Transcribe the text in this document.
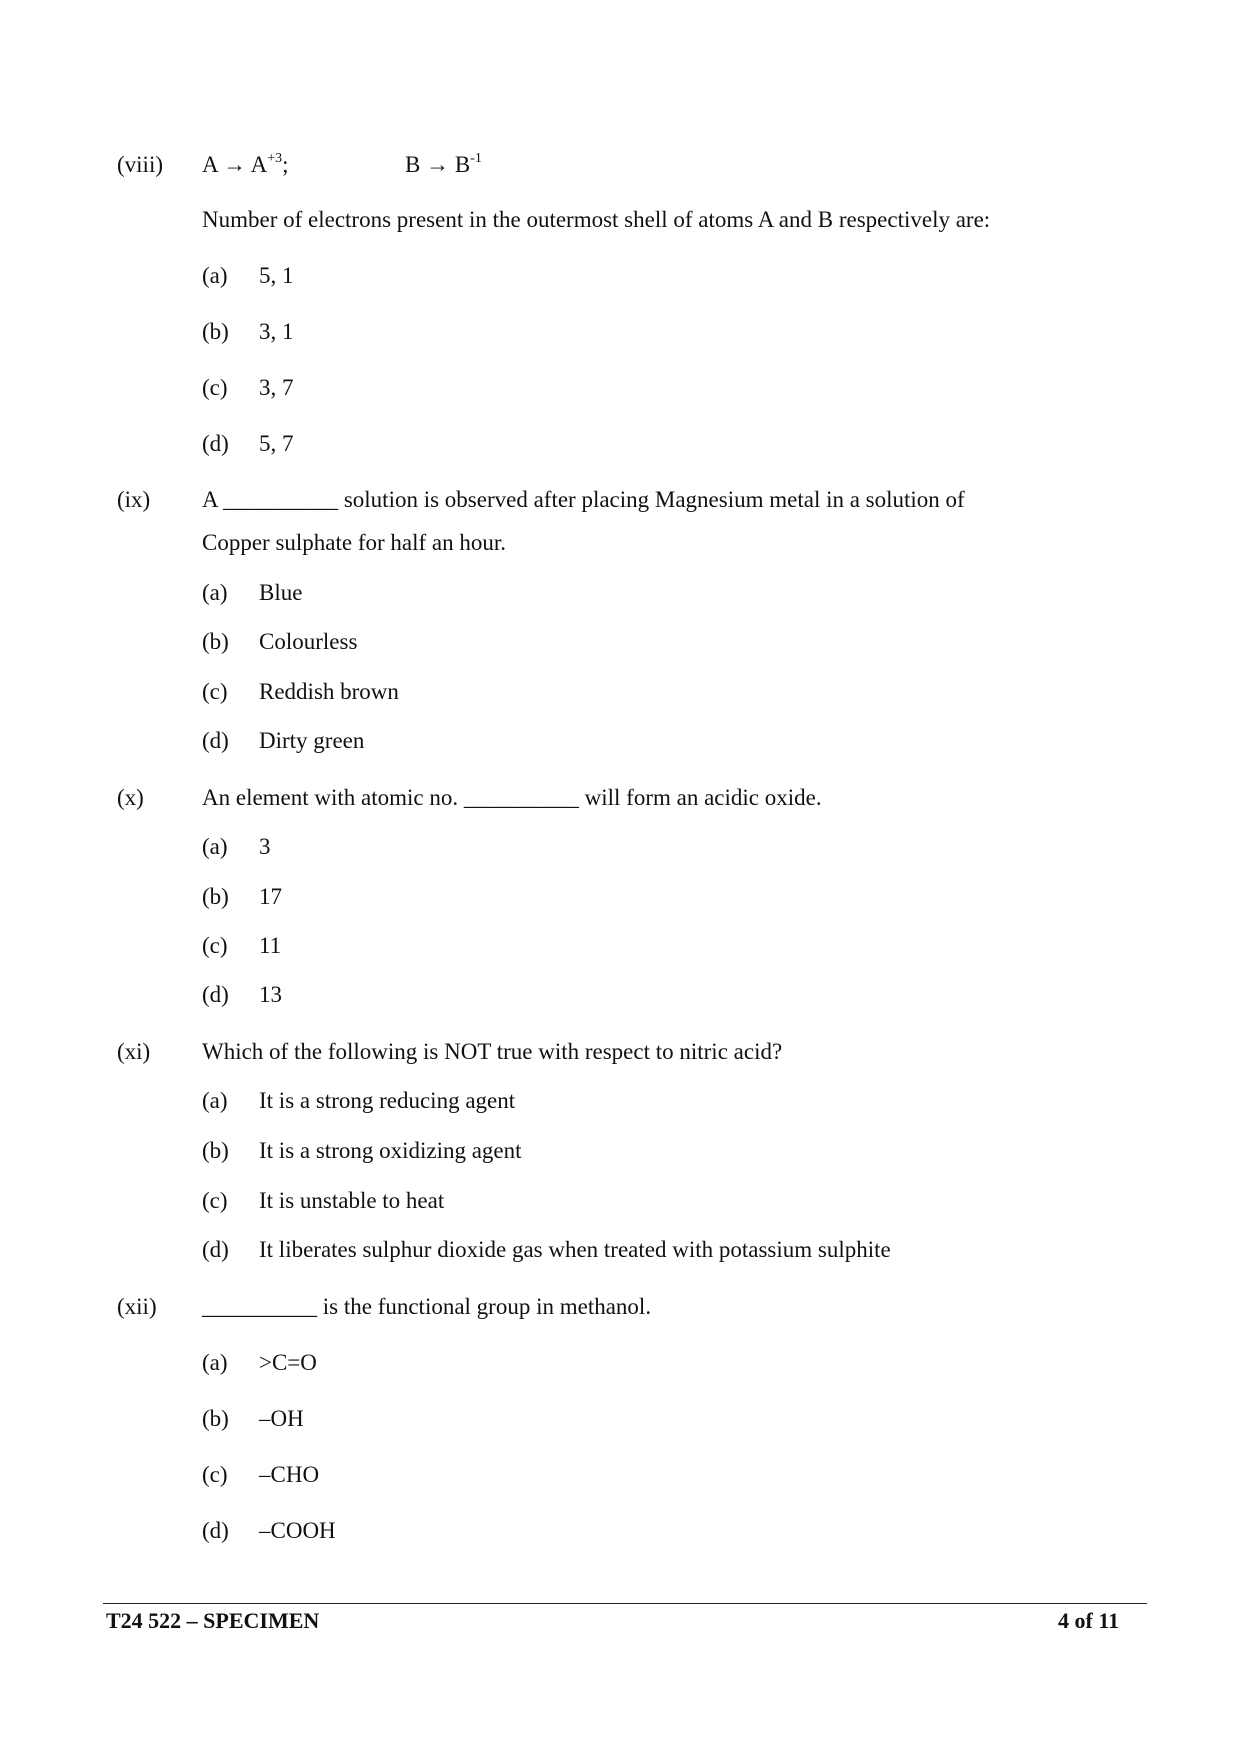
(viii) $A \to A^{+3}$;	$B \to B^{-1}$
Number of electrons present in the outermost shell of atoms A and B respectively are:
(a) 5, 1
(b) 3, 1
(c) 3, 7
(d) 5, 7
(ix) A __________ solution is observed after placing Magnesium metal in a solution of
Copper sulphate for half an hour.
(a) Blue
(b) Colourless
(c) Reddish brown
(d) Dirty green
(x)	An element with atomic no. __________ will form an acidic oxide.
(a) 3
(b) 17
(c) 11
(d) 13
(xi) Which of the following is NOT true with respect to nitric acid?
(a) It is a strong reducing agent
(b) It is a strong oxidizing agent
(c) It is unstable to heat
(d) It liberates sulphur dioxide gas when treated with potassium sulphite
(xii) __________ is the functional group in methanol.
(a) >C=O
(b) –OH
(c) –CHO
(d) –COOH
T24 522 – SPECIMEN	4 of 11
